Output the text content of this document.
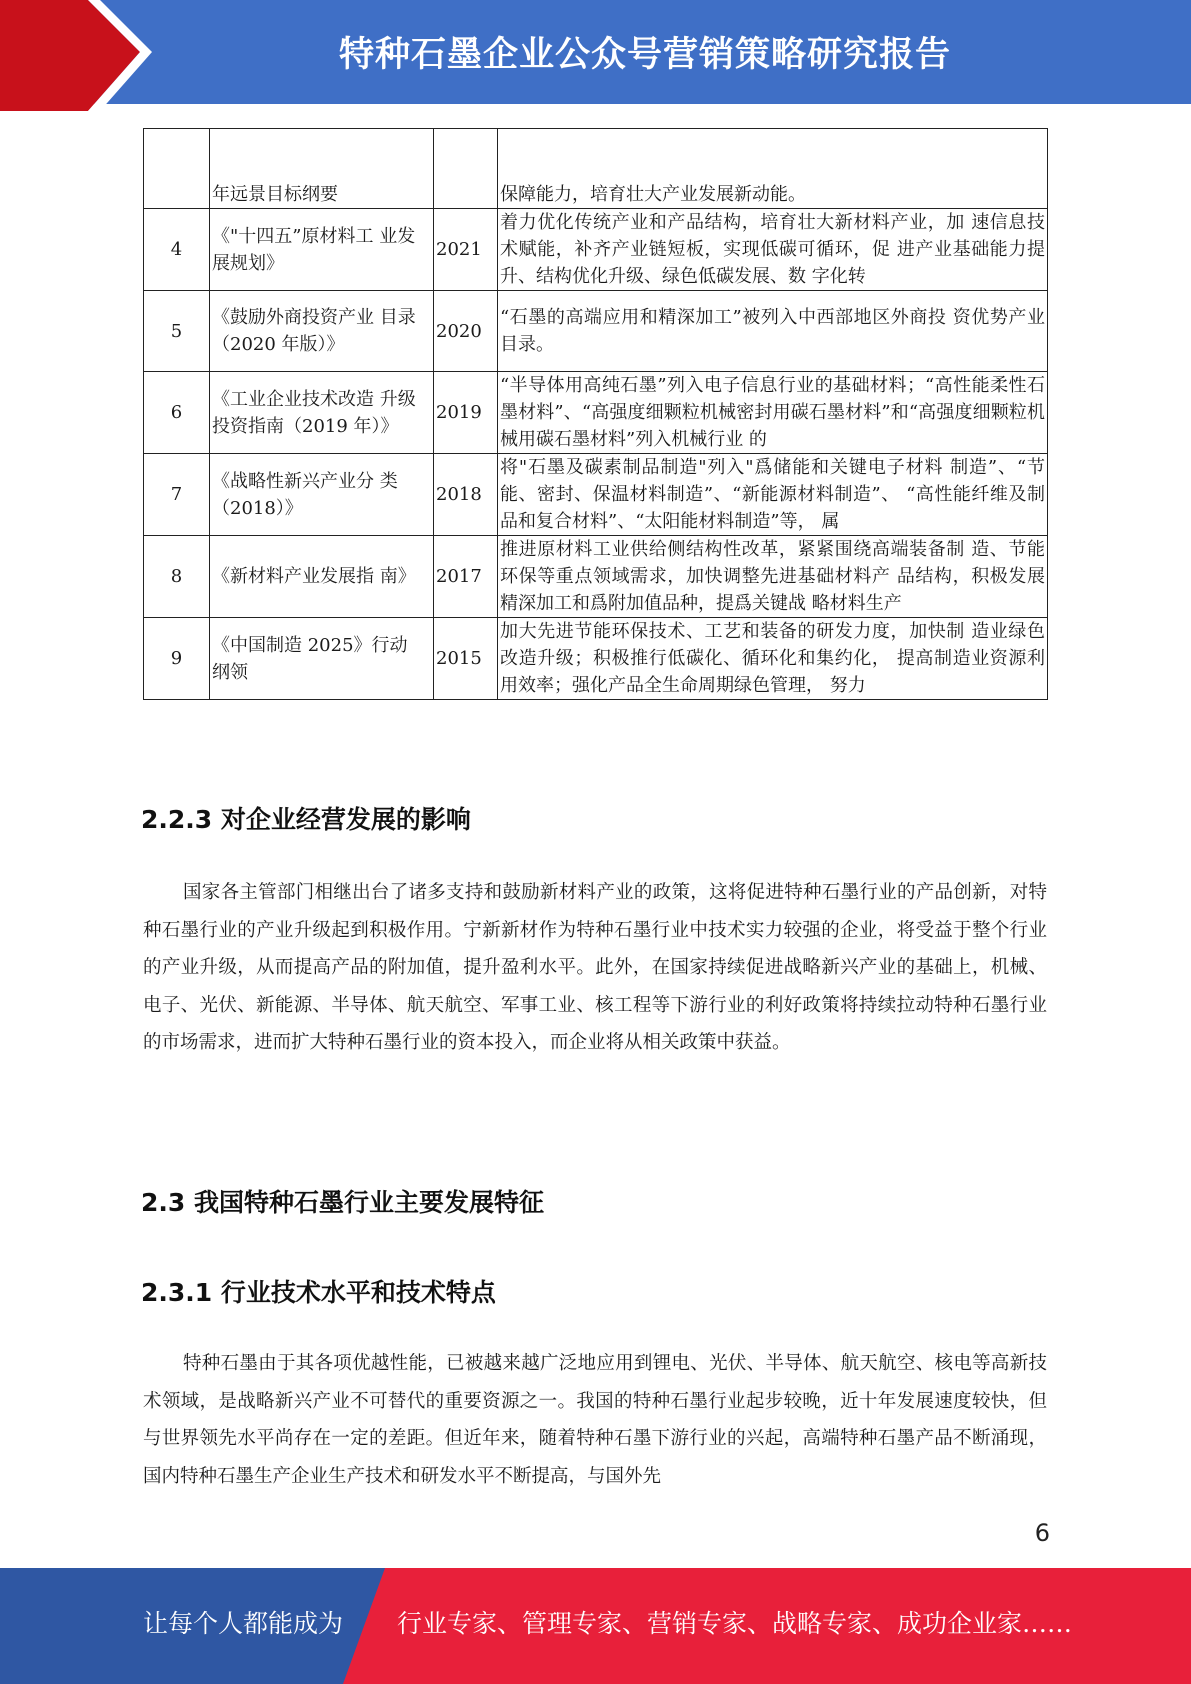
特种石墨企业公众号营销策略研究报告
	年远景目标纲要		保障能力，培育壮大产业发展新动能。
4	《"十四五”原材料工 业发展规划》	2021	着力优化传统产业和产品结构，培育壮大新材料产业，加 速信息技术赋能，补齐产业链短板，实现低碳可循环，促 进产业基础能力提升、结构优化升级、绿色低碳发展、数 字化转

5	《鼓励外商投资产业 目录（2020 年版）》	2020	“石墨的高端应用和精深加工”被列入中西部地区外商投 资优势产业目录。

6	《工业企业技术改造 升级投资指南（2019 年）》	2019	“半导体用高纯石墨”列入电子信息行业的基础材料；“高性能柔性石墨材料”、“高强度细颗粒机械密封用碳石墨材料”和“高强度细颗粒机械用碳石墨材料”列入机械行业 的

7	《战略性新兴产业分 类（2018）》	2018	将"石墨及碳素制品制造"列入"爲储能和关键电子材料 制造”、“节能、密封、保温材料制造”、“新能源材料制造”、 “高性能纤维及制品和复合材料”、“太阳能材料制造”等， 属

8	《新材料产业发展指 南》	2017	推进原材料工业供给侧结构性改革，紧紧围绕高端装备制 造、节能环保等重点领域需求，加快调整先进基础材料产 品结构，积极发展精深加工和爲附加值品种，提爲关键战 略材料生产

9	《中国制造 2025》行动 纲领	2015	加大先进节能环保技术、工艺和装备的研发力度，加快制 造业绿色改造升级；积极推行低碳化、循环化和集约化， 提高制造业资源利用效率；强化产品全生命周期绿色管理， 努力
2.2.3 对企业经营发展的影响

国家各主管部门相继出台了诸多支持和鼓励新材料产业的政策，这将促进特种石墨行业的产品创新，对特种石墨行业的产业升级起到积极作用。宁新新材作为特种石墨行业中技术实力较强的企业，将受益于整个行业的产业升级，从而提高产品的附加值，提升盈利水平。此外，在国家持续促进战略新兴产业的基础上，机械、电子、光伏、新能源、半导体、航天航空、军事工业、核工程等下游行业的利好政策将持续拉动特种石墨行业的市场需求，进而扩大特种石墨行业的资本投入，而企业将从相关政策中获益。

2.3 我国特种石墨行业主要发展特征
2.3.1 行业技术水平和技术特点

特种石墨由于其各项优越性能，已被越来越广泛地应用到锂电、光伏、半导体、航天航空、核电等高新技术领域，是战略新兴产业不可替代的重要资源之一。我国的特种石墨行业起步较晚，近十年发展速度较快，但与世界领先水平尚存在一定的差距。但近年来，随着特种石墨下游行业的兴起，高端特种石墨产品不断涌现，国内特种石墨生产企业生产技术和研发水平不断提高，与国外先

6
让每个人都能成为 行业专家、管理专家、营销专家、战略专家、成功企业家……
